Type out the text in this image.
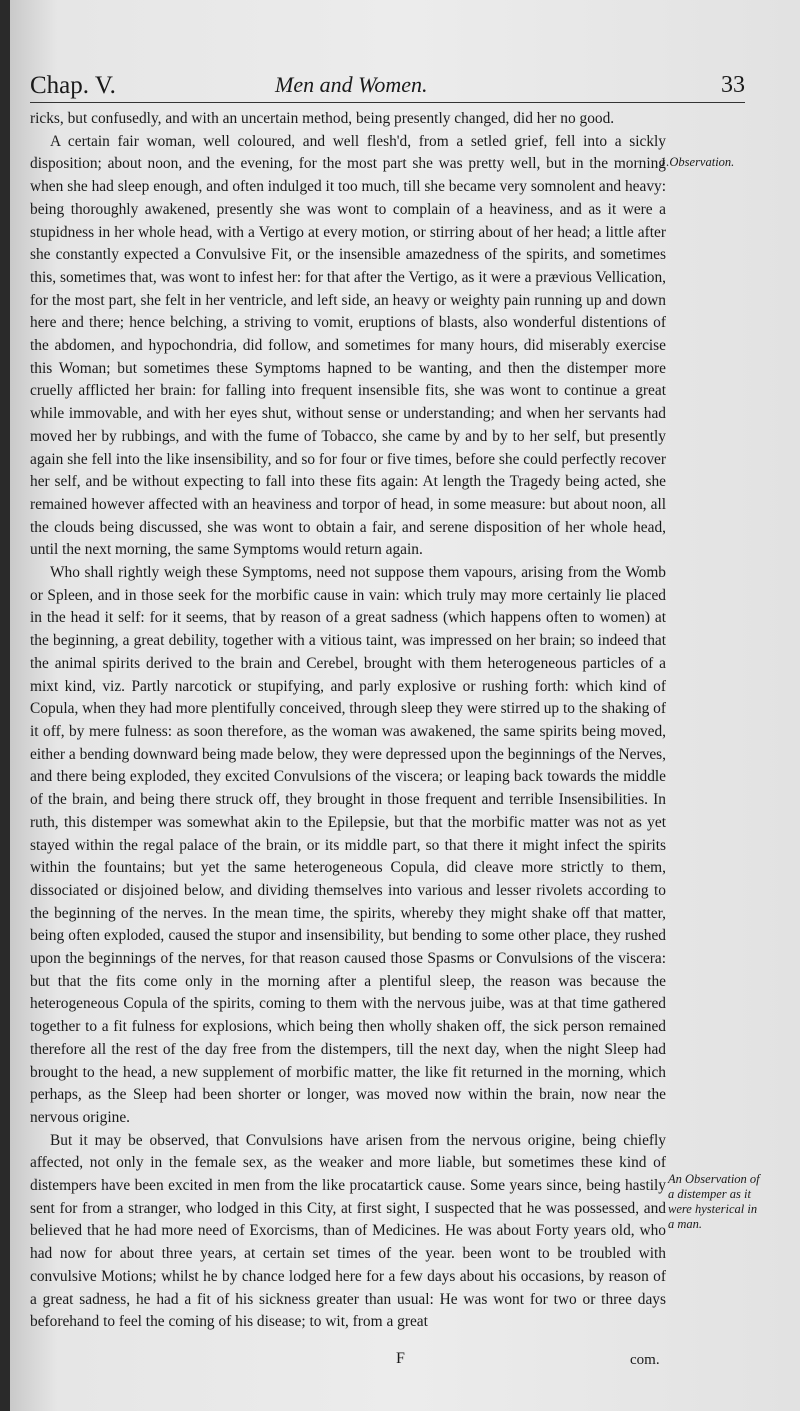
Chap. V.	Men and Women.	33

ricks, but confusedly, and with an uncertain method, being presently changed, did her no good.

A certain fair woman, well coloured, and well flesh'd, from a setled grief, fell into a sickly disposition; about noon, and the evening, for the most part she was pretty well, but in the morning when she had sleep enough, and often indulged it too much, till she became very somnolent and heavy: being thoroughly awakened, presently she was wont to complain of a heaviness, and as it were a stupidness in her whole head, with a Vertigo at every motion, or stirring about of her head; a little after she constantly expected a Convulsive Fit, or the insensible amazedness of the spirits, and sometimes this, sometimes that, was wont to infest her: for that after the Vertigo, as it were a prævious Vellication, for the most part, she felt in her ventricle, and left side, an heavy or weighty pain running up and down here and there; hence belching, a striving to vomit, eruptions of blasts, also wonderful distentions of the abdomen, and hypochondria, did follow, and sometimes for many hours, did miserably exercise this Woman; but sometimes these Symptoms hapned to be wanting, and then the distemper more cruelly afflicted her brain: for falling into frequent insensible fits, she was wont to continue a great while immovable, and with her eyes shut, without sense or understanding; and when her servants had moved her by rubbings, and with the fume of Tobacco, she came by and by to her self, but presently again she fell into the like insensibility, and so for four or five times, before she could perfectly recover her self, and be without expecting to fall into these fits again: At length the Tragedy being acted, she remained however affected with an heaviness and torpor of head, in some measure: but about noon, all the clouds being discussed, she was wont to obtain a fair, and serene disposition of her whole head, until the next morning, the same Symptoms would return again.

Who shall rightly weigh these Symptoms, need not suppose them vapours, arising from the Womb or Spleen, and in those seek for the morbific cause in vain: which truly may more certainly lie placed in the head it self: for it seems, that by reason of a great sadness (which happens often to women) at the beginning, a great debility, together with a vitious taint, was impressed on her brain; so indeed that the animal spirits derived to the brain and Cerebel, brought with them heterogeneous particles of a mixt kind, viz. Partly narcotick or stupifying, and parly explosive or rushing forth: which kind of Copula, when they had more plentifully conceived, through sleep they were stirred up to the shaking of it off, by mere fulness: as soon therefore, as the woman was awakened, the same spirits being moved, either a bending downward being made below, they were depressed upon the beginnings of the Nerves, and there being exploded, they excited Convulsions of the viscera; or leaping back towards the middle of the brain, and being there struck off, they brought in those frequent and terrible Insensibilities. In ruth, this distemper was somewhat akin to the Epilepsie, but that the morbific matter was not as yet stayed within the regal palace of the brain, or its middle part, so that there it might infect the spirits within the fountains; but yet the same heterogeneous Copula, did cleave more strictly to them, dissociated or disjoined below, and dividing themselves into various and lesser rivolets according to the beginning of the nerves. In the mean time, the spirits, whereby they might shake off that matter, being often exploded, caused the stupor and insensibility, but bending to some other place, they rushed upon the beginnings of the nerves, for that reason caused those Spasms or Convulsions of the viscera: but that the fits come only in the morning after a plentiful sleep, the reason was because the heterogeneous Copula of the spirits, coming to them with the nervous juibe, was at that time gathered together to a fit fulness for explosions, which being then wholly shaken off, the sick person remained therefore all the rest of the day free from the distempers, till the next day, when the night Sleep had brought to the head, a new supplement of morbific matter, the like fit returned in the morning, which perhaps, as the Sleep had been shorter or longer, was moved now within the brain, now near the nervous origine.

But it may be observed, that Convulsions have arisen from the nervous origine, being chiefly affected, not only in the female sex, as the weaker and more liable, but sometimes these kind of distempers have been excited in men from the like procatartick cause. Some years since, being hastily sent for from a stranger, who lodged in this City, at first sight, I suspected that he was possessed, and believed that he had more need of Exorcisms, than of Medicines. He was about Forty years old, who had now for about three years, at certain set times of the year. been wont to be troubled with convulsive Motions; whilst he by chance lodged here for a few days about his occasions, by reason of a great sadness, he had a fit of his sickness greater than usual: He was wont for two or three days beforehand to feel the coming of his disease; to wit, from a great

1.Observation.
An Observation of a distemper as it were hysterical in a man.
F	com.
